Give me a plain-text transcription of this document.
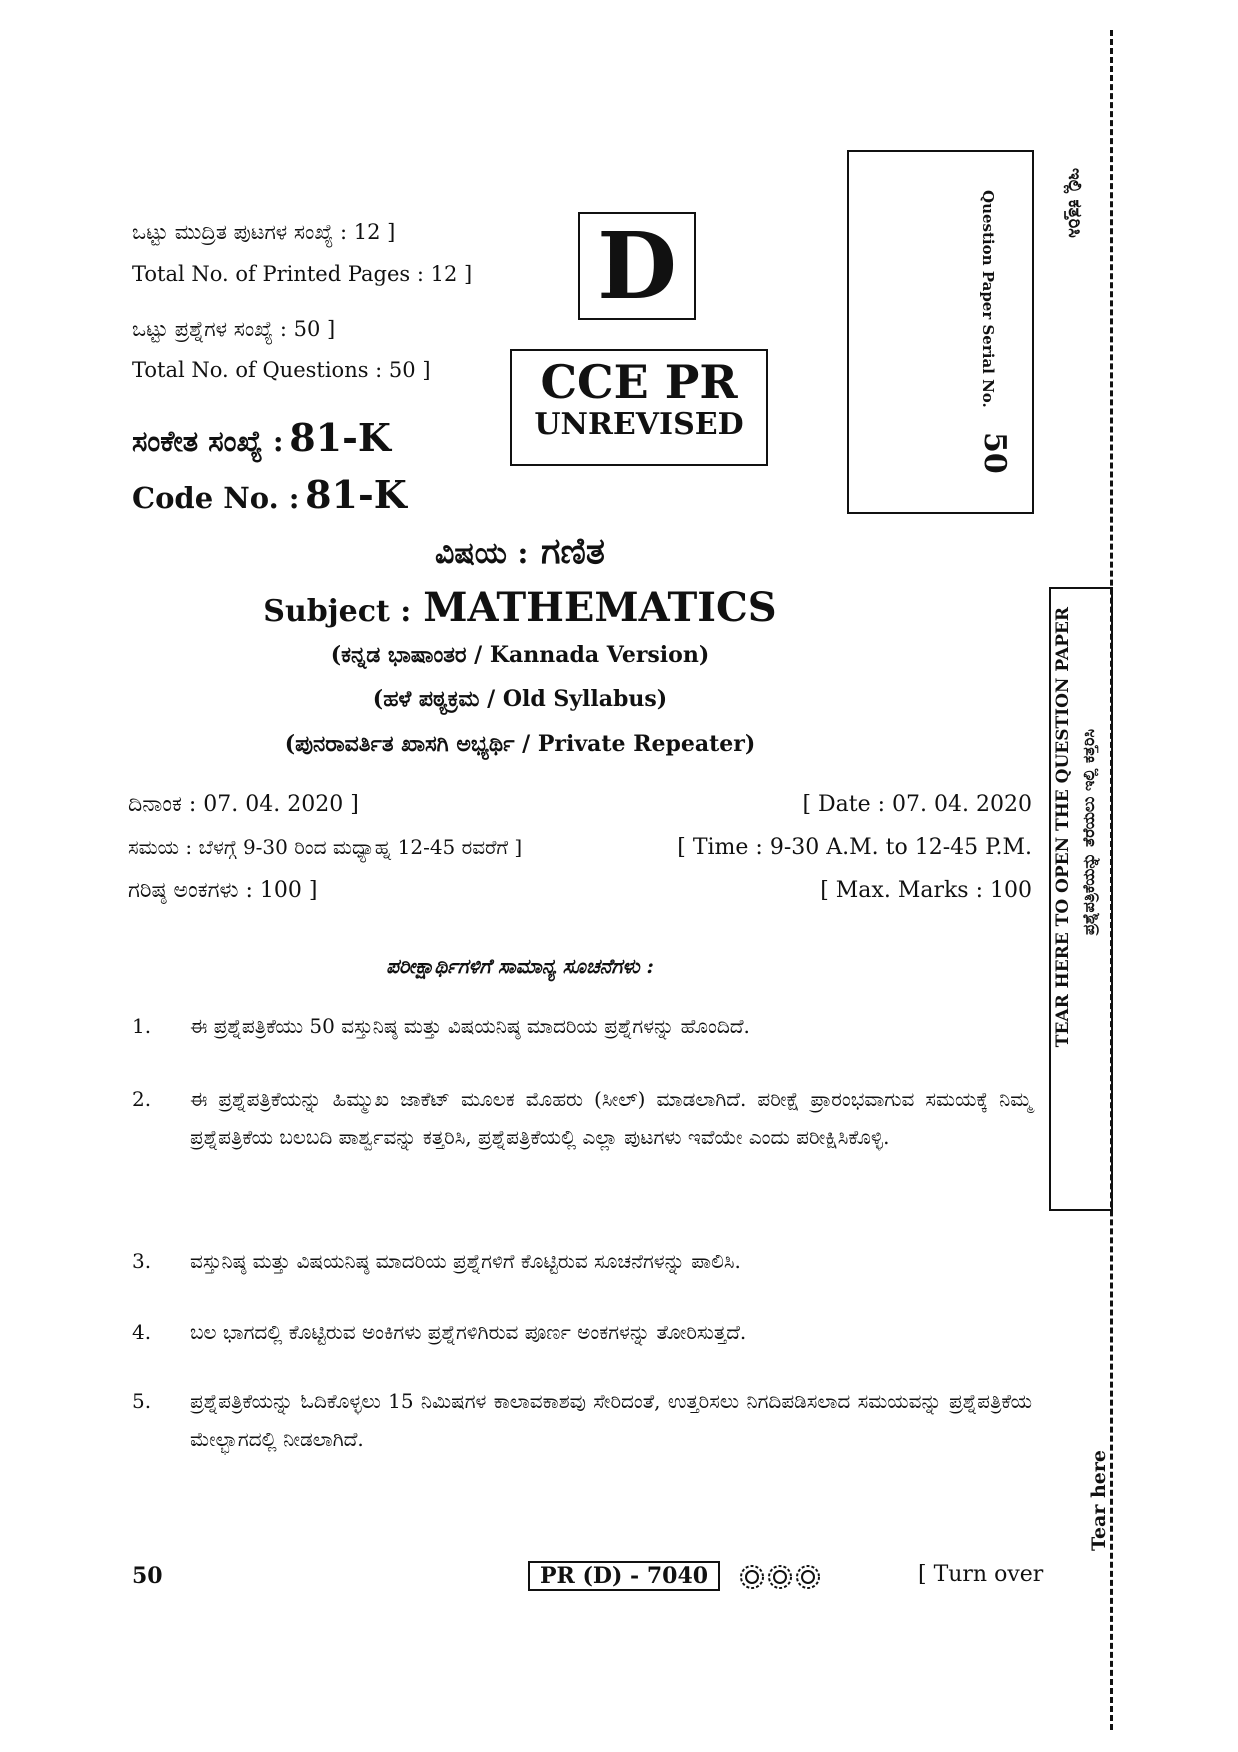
ಒಟ್ಟು ಮುದ್ರಿತ ಪುಟಗಳ ಸಂಖ್ಯೆ : 12 ]
Total No. of Printed Pages : 12 ]
ಒಟ್ಟು ಪ್ರಶ್ನೆಗಳ ಸಂಖ್ಯೆ : 50 ]
Total No. of Questions : 50 ]
ಸಂಕೇತ ಸಂಖ್ಯೆ : 81-K
Code No. : 81-K
D
CCE PR
UNREVISED
Question Paper Serial No.
50
ಇಲ್ಲಿ ಕತ್ತರಿಸಿ
ವಿಷಯ : ಗಣಿತ
Subject : MATHEMATICS
(ಕನ್ನಡ ಭಾಷಾಂತರ / Kannada Version)
(ಹಳೆ ಪಠ್ಯಕ್ರಮ / Old Syllabus)
(ಪುನರಾವರ್ತಿತ ಖಾಸಗಿ ಅಭ್ಯರ್ಥಿ / Private Repeater)
ದಿನಾಂಕ : 07. 04. 2020 ]	[ Date : 07. 04. 2020
ಸಮಯ : ಬೆಳಗ್ಗೆ 9-30 ರಿಂದ ಮಧ್ಯಾಹ್ನ 12-45 ರವರೆಗೆ ]	[ Time : 9-30 A.M. to 12-45 P.M.
ಗರಿಷ್ಠ ಅಂಕಗಳು : 100 ]	[ Max. Marks : 100
ಪರೀಕ್ಷಾರ್ಥಿಗಳಿಗೆ ಸಾಮಾನ್ಯ ಸೂಚನೆಗಳು :
1. ಈ ಪ್ರಶ್ನೆಪತ್ರಿಕೆಯು 50 ವಸ್ತುನಿಷ್ಠ ಮತ್ತು ವಿಷಯನಿಷ್ಠ ಮಾದರಿಯ ಪ್ರಶ್ನೆಗಳನ್ನು ಹೊಂದಿದೆ.
2. ಈ ಪ್ರಶ್ನೆಪತ್ರಿಕೆಯನ್ನು ಹಿಮ್ಮುಖ ಜಾಕೆಟ್ ಮೂಲಕ ಮೊಹರು (ಸೀಲ್) ಮಾಡಲಾಗಿದೆ. ಪರೀಕ್ಷೆ ಪ್ರಾರಂಭವಾಗುವ ಸಮಯಕ್ಕೆ ನಿಮ್ಮ ಪ್ರಶ್ನೆಪತ್ರಿಕೆಯ ಬಲಬದಿ ಪಾರ್ಶ್ವವನ್ನು ಕತ್ತರಿಸಿ, ಪ್ರಶ್ನೆಪತ್ರಿಕೆಯಲ್ಲಿ ಎಲ್ಲಾ ಪುಟಗಳು ಇವೆಯೇ ಎಂದು ಪರೀಕ್ಷಿಸಿಕೊಳ್ಳಿ.
3. ವಸ್ತುನಿಷ್ಠ ಮತ್ತು ವಿಷಯನಿಷ್ಠ ಮಾದರಿಯ ಪ್ರಶ್ನೆಗಳಿಗೆ ಕೊಟ್ಟಿರುವ ಸೂಚನೆಗಳನ್ನು ಪಾಲಿಸಿ.
4. ಬಲ ಭಾಗದಲ್ಲಿ ಕೊಟ್ಟಿರುವ ಅಂಕಿಗಳು ಪ್ರಶ್ನೆಗಳಿಗಿರುವ ಪೂರ್ಣ ಅಂಕಗಳನ್ನು ತೋರಿಸುತ್ತದೆ.
5. ಪ್ರಶ್ನೆಪತ್ರಿಕೆಯನ್ನು ಓದಿಕೊಳ್ಳಲು 15 ನಿಮಿಷಗಳ ಕಾಲಾವಕಾಶವು ಸೇರಿದಂತೆ, ಉತ್ತರಿಸಲು ನಿಗದಿಪಡಿಸಲಾದ ಸಮಯವನ್ನು ಪ್ರಶ್ನೆಪತ್ರಿಕೆಯ ಮೇಲ್ಭಾಗದಲ್ಲಿ ನೀಡಲಾಗಿದೆ.
TEAR HERE TO OPEN THE QUESTION PAPER ಪ್ರಶ್ನೆಪತ್ರಿಕೆಯನ್ನು ತೆರೆಯಲು ಇಲ್ಲಿ ಕತ್ತರಿಸಿ
Tear here
50	PR (D) - 7040	[ Turn over
